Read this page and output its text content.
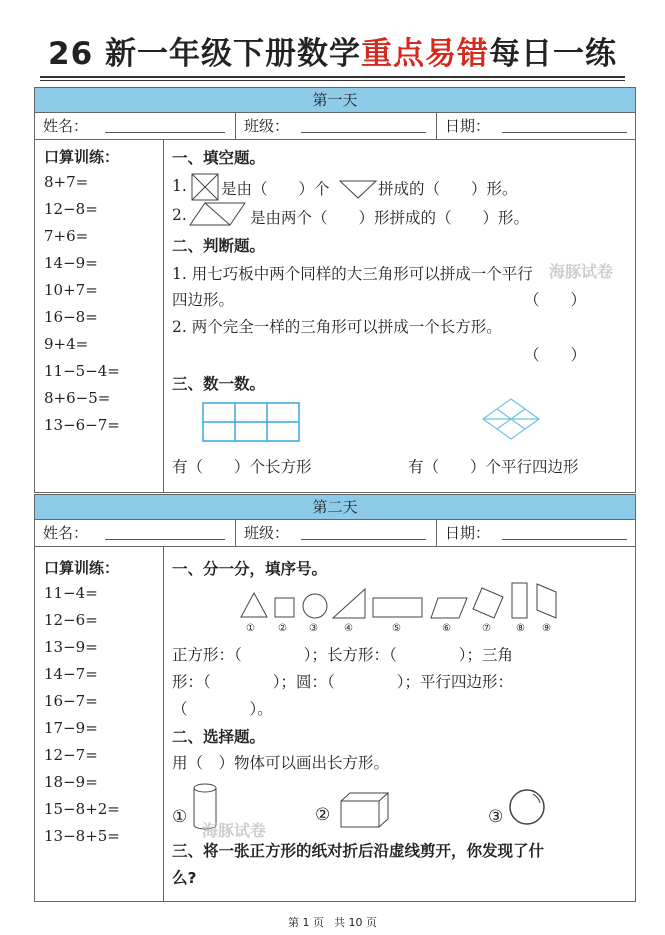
26 新一年级下册数学重点易错每日一练
第一天
姓名：	班级：	日期：
口算训练：
8+7=
12−8=
7+6=
14−9=
10+7=
16−8=
9+4=
11−5−4=
8+6−5=
13−6−7=
一、填空题。
1. 是由（　　）个	拼成的（　　）形。
2.	是由两个（　　）形拼成的（　　）形。
二、判断题。
1. 用七巧板中两个同样的大三角形可以拼成一个平行
四边形。	（　　）
2. 两个完全一样的三角形可以拼成一个长方形。
（　　）
海豚试卷
三、数一数。
有（　　）个长方形	有（　　）个平行四边形
第二天
姓名：	班级：	日期：
口算训练：
11−4=
12−6=
13−9=
14−7=
16−7=
17−9=
12−7=
18−9=
15−8+2=
13−8+5=
一、分一分，填序号。
① ② ③	④	⑤	⑥	⑦	⑧ ⑨
正方形：（　　　　）；长方形：（　　　　）；三角
形：（　　　　）；圆：（　　　　）；平行四边形：
（　　　　）。
二、选择题。
用（　）物体可以画出长方形。
①
海豚试卷
②	③
三、将一张正方形的纸对折后沿虚线剪开，你发现了什
么?
第 1 页 共 10 页
